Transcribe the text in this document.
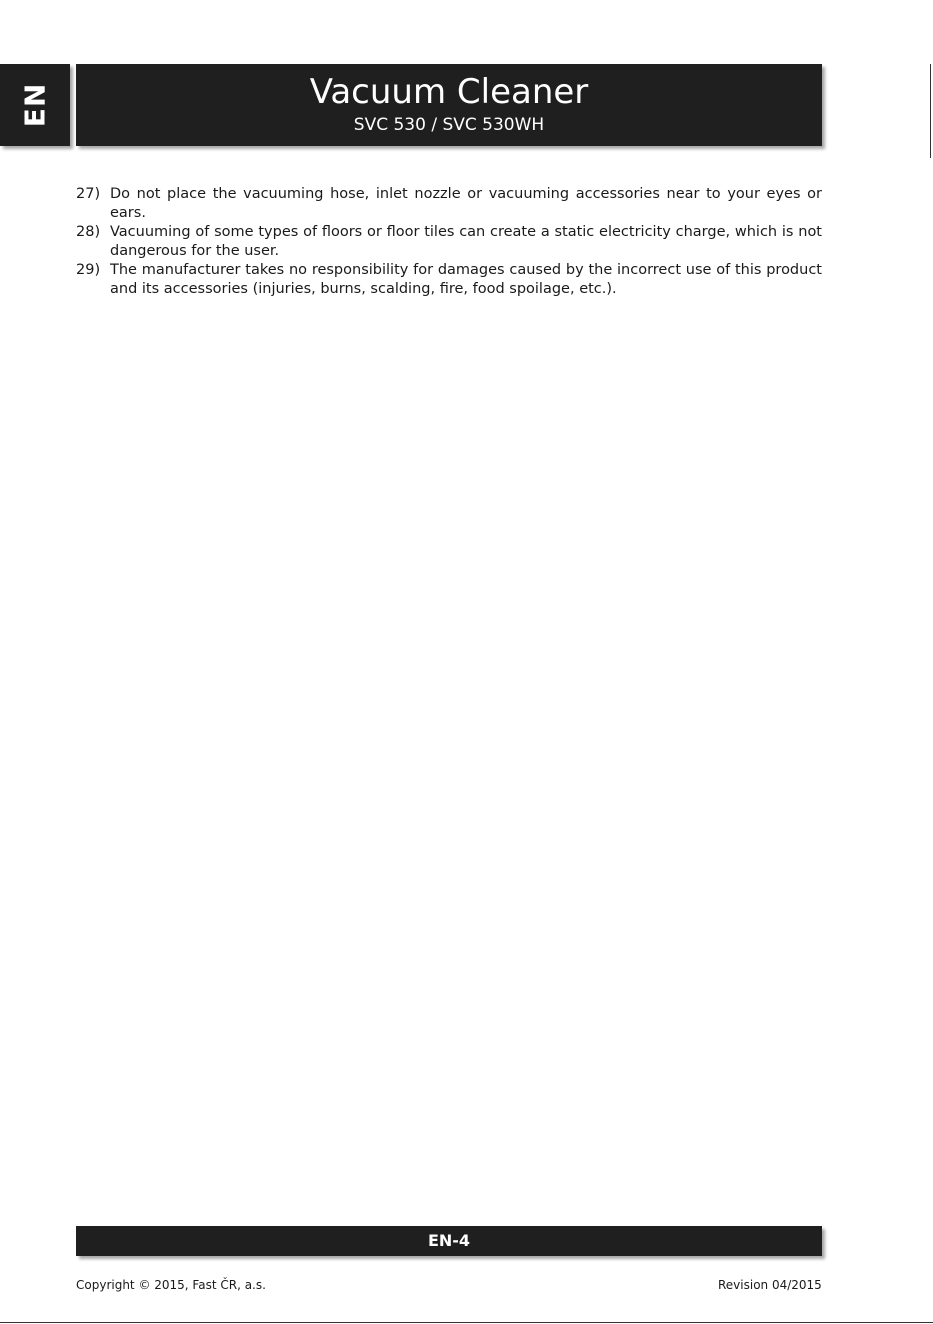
EN	Vacuum Cleaner
SVC 530 / SVC 530WH
27) Do not place the vacuuming hose, inlet nozzle or vacuuming accessories near to your eyes or ears.
28) Vacuuming of some types of floors or floor tiles can create a static electricity charge, which is not dangerous for the user.
29) The manufacturer takes no responsibility for damages caused by the incorrect use of this product and its accessories (injuries, burns, scalding, fire, food spoilage, etc.).
EN-4
Copyright © 2015, Fast ČR, a.s.	Revision 04/2015
